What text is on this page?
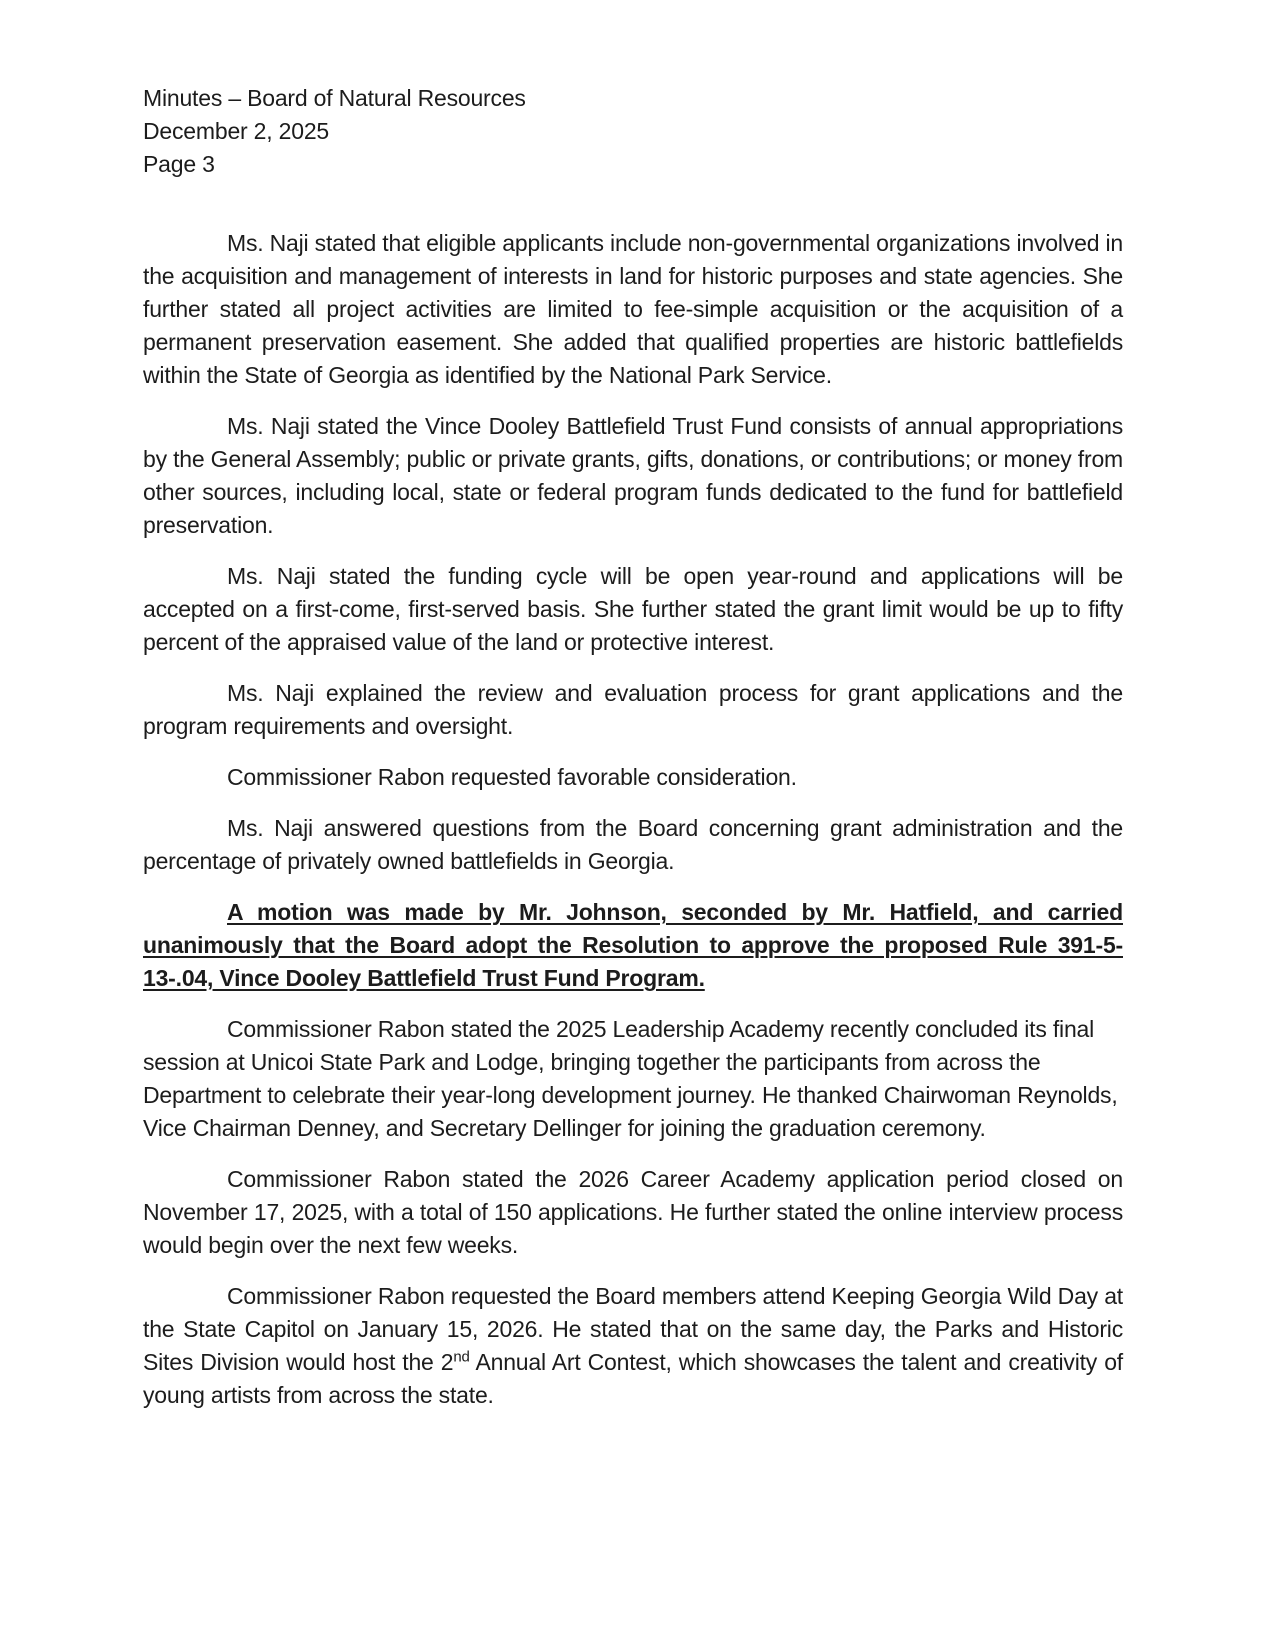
Minutes – Board of Natural Resources

December 2, 2025

Page 3

Ms. Naji stated that eligible applicants include non-governmental organizations involved in the acquisition and management of interests in land for historic purposes and state agencies. She further stated all project activities are limited to fee-simple acquisition or the acquisition of a permanent preservation easement. She added that qualified properties are historic battlefields within the State of Georgia as identified by the National Park Service.

Ms. Naji stated the Vince Dooley Battlefield Trust Fund consists of annual appropriations by the General Assembly; public or private grants, gifts, donations, or contributions; or money from other sources, including local, state or federal program funds dedicated to the fund for battlefield preservation.

Ms. Naji stated the funding cycle will be open year-round and applications will be accepted on a first-come, first-served basis. She further stated the grant limit would be up to fifty percent of the appraised value of the land or protective interest.

Ms. Naji explained the review and evaluation process for grant applications and the program requirements and oversight.

Commissioner Rabon requested favorable consideration.

Ms. Naji answered questions from the Board concerning grant administration and the percentage of privately owned battlefields in Georgia.

A motion was made by Mr. Johnson, seconded by Mr. Hatfield, and carried unanimously that the Board adopt the Resolution to approve the proposed Rule 391-5-13-.04, Vince Dooley Battlefield Trust Fund Program.

Commissioner Rabon stated the 2025 Leadership Academy recently concluded its final session at Unicoi State Park and Lodge, bringing together the participants from across the Department to celebrate their year-long development journey. He thanked Chairwoman Reynolds, Vice Chairman Denney, and Secretary Dellinger for joining the graduation ceremony.

Commissioner Rabon stated the 2026 Career Academy application period closed on November 17, 2025, with a total of 150 applications. He further stated the online interview process would begin over the next few weeks.

Commissioner Rabon requested the Board members attend Keeping Georgia Wild Day at the State Capitol on January 15, 2026. He stated that on the same day, the Parks and Historic Sites Division would host the 2nd Annual Art Contest, which showcases the talent and creativity of young artists from across the state.
